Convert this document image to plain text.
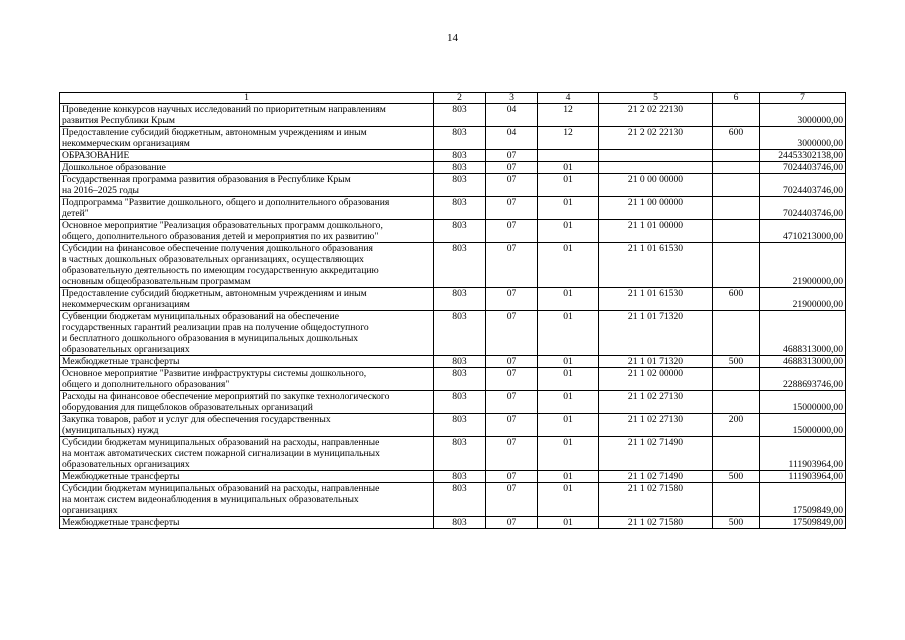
14
1	2	3	4	5	6	7
Проведение конкурсов научных исследований по приоритетным направлениям
развития Республики Крым	803	04	12	21 2 02 22130		3000000,00
Предоставление субсидий бюджетным, автономным учреждениям и иным
некоммерческим организациям	803	04	12	21 2 02 22130	600	3000000,00
ОБРАЗОВАНИЕ	803	07				24453302138,00
Дошкольное образование	803	07	01			7024403746,00
Государственная программа развития образования в Республике Крым
на 2016–2025 годы	803	07	01	21 0 00 00000		7024403746,00
Подпрограмма "Развитие дошкольного, общего и дополнительного образования
детей"	803	07	01	21 1 00 00000		7024403746,00
Основное мероприятие "Реализация образовательных программ дошкольного,
общего, дополнительного образования детей и мероприятия по их развитию"	803	07	01	21 1 01 00000		4710213000,00
Субсидии на финансовое обеспечение получения дошкольного образования
в частных дошкольных образовательных организациях, осуществляющих
образовательную деятельность по имеющим государственную аккредитацию
основным общеобразовательным программам	803	07	01	21 1 01 61530		21900000,00
Предоставление субсидий бюджетным, автономным учреждениям и иным
некоммерческим организациям	803	07	01	21 1 01 61530	600	21900000,00
Субвенции бюджетам муниципальных образований на обеспечение
государственных гарантий реализации прав на получение общедоступного
и бесплатного дошкольного образования в муниципальных дошкольных
образовательных организациях	803	07	01	21 1 01 71320		4688313000,00
Межбюджетные трансферты	803	07	01	21 1 01 71320	500	4688313000,00
Основное мероприятие "Развитие инфраструктуры системы дошкольного,
общего и дополнительного образования"	803	07	01	21 1 02 00000		2288693746,00
Расходы на финансовое обеспечение мероприятий по закупке технологического
оборудования для пищеблоков образовательных организаций	803	07	01	21 1 02 27130		15000000,00
Закупка товаров, работ и услуг для обеспечения государственных
(муниципальных) нужд	803	07	01	21 1 02 27130	200	15000000,00
Субсидии бюджетам муниципальных образований на расходы, направленные
на монтаж автоматических систем пожарной сигнализации в муниципальных
образовательных организациях	803	07	01	21 1 02 71490		111903964,00
Межбюджетные трансферты	803	07	01	21 1 02 71490	500	111903964,00
Субсидии бюджетам муниципальных образований на расходы, направленные
на монтаж систем видеонаблюдения в муниципальных образовательных
организациях	803	07	01	21 1 02 71580		17509849,00
Межбюджетные трансферты	803	07	01	21 1 02 71580	500	17509849,00
